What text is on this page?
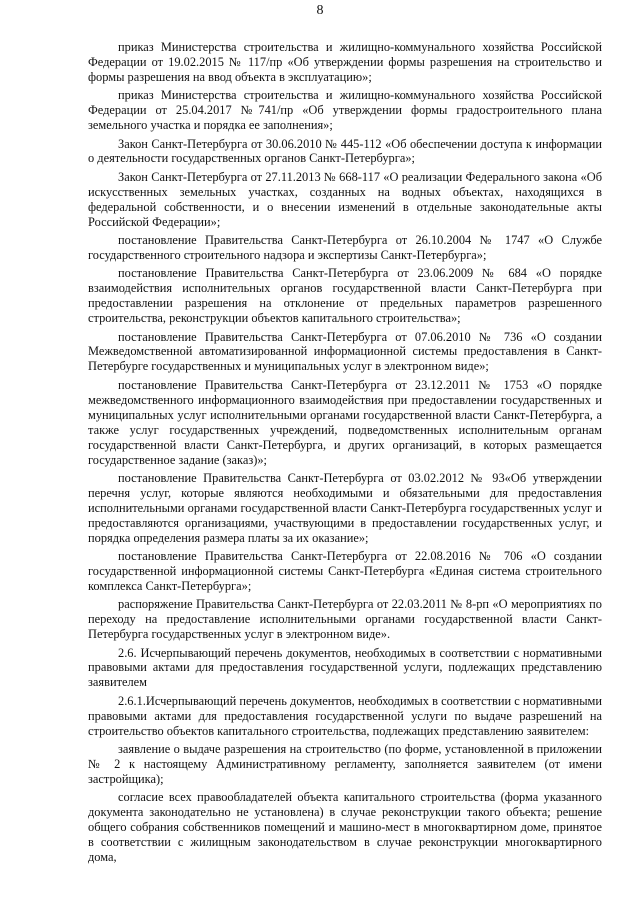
8

приказ Министерства строительства и жилищно-коммунального хозяйства Российской Федерации от 19.02.2015 № 117/пр «Об утверждении формы разрешения на строительство и формы разрешения на ввод объекта в эксплуатацию»;

приказ Министерства строительства и жилищно-коммунального хозяйства Российской Федерации от 25.04.2017 №741/пр «Об утверждении формы градостроительного плана земельного участка и порядка ее заполнения»;

Закон Санкт-Петербурга от 30.06.2010 № 445-112 «Об обеспечении доступа к информации о деятельности государственных органов Санкт-Петербурга»;

Закон Санкт-Петербурга от 27.11.2013 № 668-117 «О реализации Федерального закона «Об искусственных земельных участках, созданных на водных объектах, находящихся в федеральной собственности, и о внесении изменений в отдельные законодательные акты Российской Федерации»;

постановление Правительства Санкт-Петербурга от 26.10.2004 № 1747 «О Службе государственного строительного надзора и экспертизы Санкт-Петербурга»;

постановление Правительства Санкт-Петербурга от 23.06.2009 № 684 «О порядке взаимодействия исполнительных органов государственной власти Санкт-Петербурга при предоставлении разрешения на отклонение от предельных параметров разрешенного строительства, реконструкции объектов капитального строительства»;

постановление Правительства Санкт-Петербурга от 07.06.2010 № 736 «О создании Межведомственной автоматизированной информационной системы предоставления в Санкт-Петербурге государственных и муниципальных услуг в электронном виде»;

постановление Правительства Санкт-Петербурга от 23.12.2011 № 1753 «О порядке межведомственного информационного взаимодействия при предоставлении государственных и муниципальных услуг исполнительными органами государственной власти Санкт-Петербурга, а также услуг государственных учреждений, подведомственных исполнительным органам государственной власти Санкт-Петербурга, и других организаций, в которых размещается государственное задание (заказ)»;

постановление Правительства Санкт-Петербурга от 03.02.2012 № 93«Об утверждении перечня услуг, которые являются необходимыми и обязательными для предоставления исполнительными органами государственной власти Санкт-Петербурга государственных услуг и предоставляются организациями, участвующими в предоставлении государственных услуг, и порядка определения размера платы за их оказание»;

постановление Правительства Санкт-Петербурга от 22.08.2016 № 706 «О создании государственной информационной системы Санкт-Петербурга «Единая система строительного комплекса Санкт-Петербурга»;

распоряжение Правительства Санкт-Петербурга от 22.03.2011 № 8-рп «О мероприятиях по переходу на предоставление исполнительными органами государственной власти Санкт-Петербурга государственных услуг в электронном виде».

2.6. Исчерпывающий перечень документов, необходимых в соответствии с нормативными правовыми актами для предоставления государственной услуги, подлежащих представлению заявителем

2.6.1.Исчерпывающий перечень документов, необходимых в соответствии с нормативными правовыми актами для предоставления государственной услуги по выдаче разрешений на строительство объектов капитального строительства, подлежащих представлению заявителем:

заявление о выдаче разрешения на строительство (по форме, установленной в приложении № 2 к настоящему Административному регламенту, заполняется заявителем (от имени застройщика);

согласие всех правообладателей объекта капитального строительства (форма указанного документа законодательно не установлена) в случае реконструкции такого объекта; решение общего собрания собственников помещений и машино-мест в многоквартирном доме, принятое в соответствии с жилищным законодательством в случае реконструкции многоквартирного дома,
